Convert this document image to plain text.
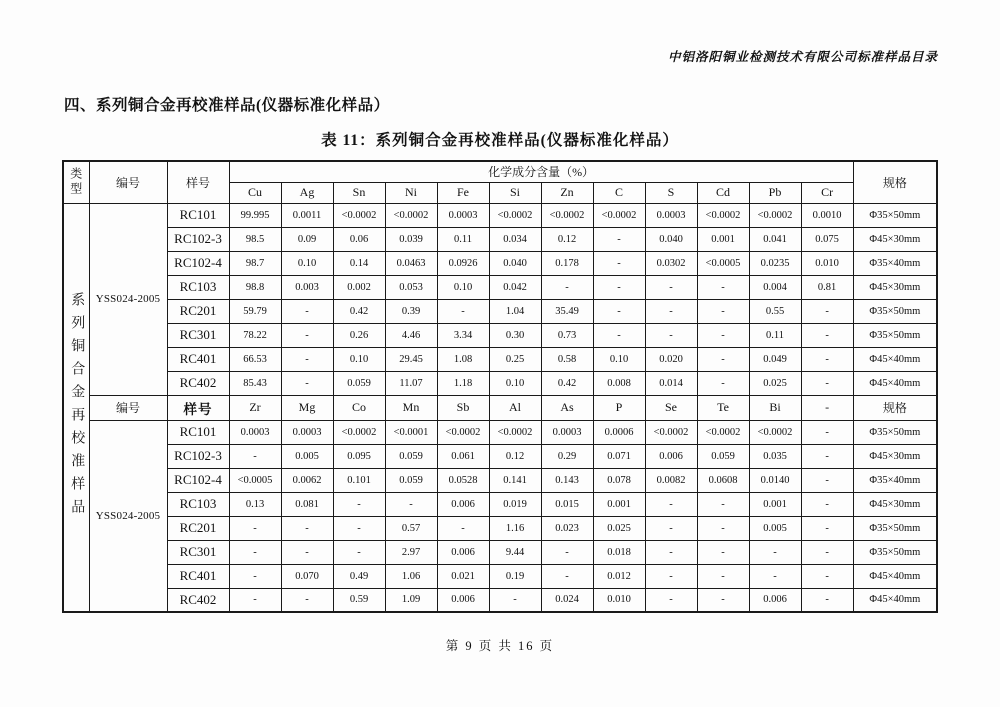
中铝洛阳铜业检测技术有限公司标准样品目录
四、系列铜合金再校准样品(仪器标准化样品）
表 11：系列铜合金再校准样品(仪器标准化样品）
类型	编号	样号	化学成分含量（%）												规格
			Cu	Ag	Sn	Ni	Fe	Si	Zn	C	S	Cd	Pb	Cr	
系列铜合金再校准样品	YSS024-2005	RC101	99.995	0.0011	<0.0002	<0.0002	0.0003	<0.0002	<0.0002	<0.0002	0.0003	<0.0002	<0.0002	0.0010	Φ35×50mm
		RC102-3	98.5	0.09	0.06	0.039	0.11	0.034	0.12	-	0.040	0.001	0.041	0.075	Φ45×30mm
		RC102-4	98.7	0.10	0.14	0.0463	0.0926	0.040	0.178	-	0.0302	<0.0005	0.0235	0.010	Φ35×40mm
		RC103	98.8	0.003	0.002	0.053	0.10	0.042	-	-	-	-	0.004	0.81	Φ45×30mm
		RC201	59.79	-	0.42	0.39	-	1.04	35.49	-	-	-	0.55	-	Φ35×50mm
		RC301	78.22	-	0.26	4.46	3.34	0.30	0.73	-	-	-	0.11	-	Φ35×50mm
		RC401	66.53	-	0.10	29.45	1.08	0.25	0.58	0.10	0.020	-	0.049	-	Φ45×40mm
		RC402	85.43	-	0.059	11.07	1.18	0.10	0.42	0.008	0.014	-	0.025	-	Φ45×40mm
	编号	样号	Zr	Mg	Co	Mn	Sb	Al	As	P	Se	Te	Bi	-	规格
	YSS024-2005	RC101	0.0003	0.0003	<0.0002	<0.0001	<0.0002	<0.0002	0.0003	0.0006	<0.0002	<0.0002	<0.0002	-	Φ35×50mm
		RC102-3	-	0.005	0.095	0.059	0.061	0.12	0.29	0.071	0.006	0.059	0.035	-	Φ45×30mm
		RC102-4	<0.0005	0.0062	0.101	0.059	0.0528	0.141	0.143	0.078	0.0082	0.0608	0.0140	-	Φ35×40mm
		RC103	0.13	0.081	-	-	0.006	0.019	0.015	0.001	-	-	0.001	-	Φ45×30mm
		RC201	-	-	-	0.57	-	1.16	0.023	0.025	-	-	0.005	-	Φ35×50mm
		RC301	-	-	-	2.97	0.006	9.44	-	0.018	-	-	-	-	Φ35×50mm
		RC401	-	0.070	0.49	1.06	0.021	0.19	-	0.012	-	-	-	-	Φ45×40mm
		RC402	-	-	0.59	1.09	0.006	-	0.024	0.010	-	-	0.006	-	Φ45×40mm
第 9 页 共 16 页
